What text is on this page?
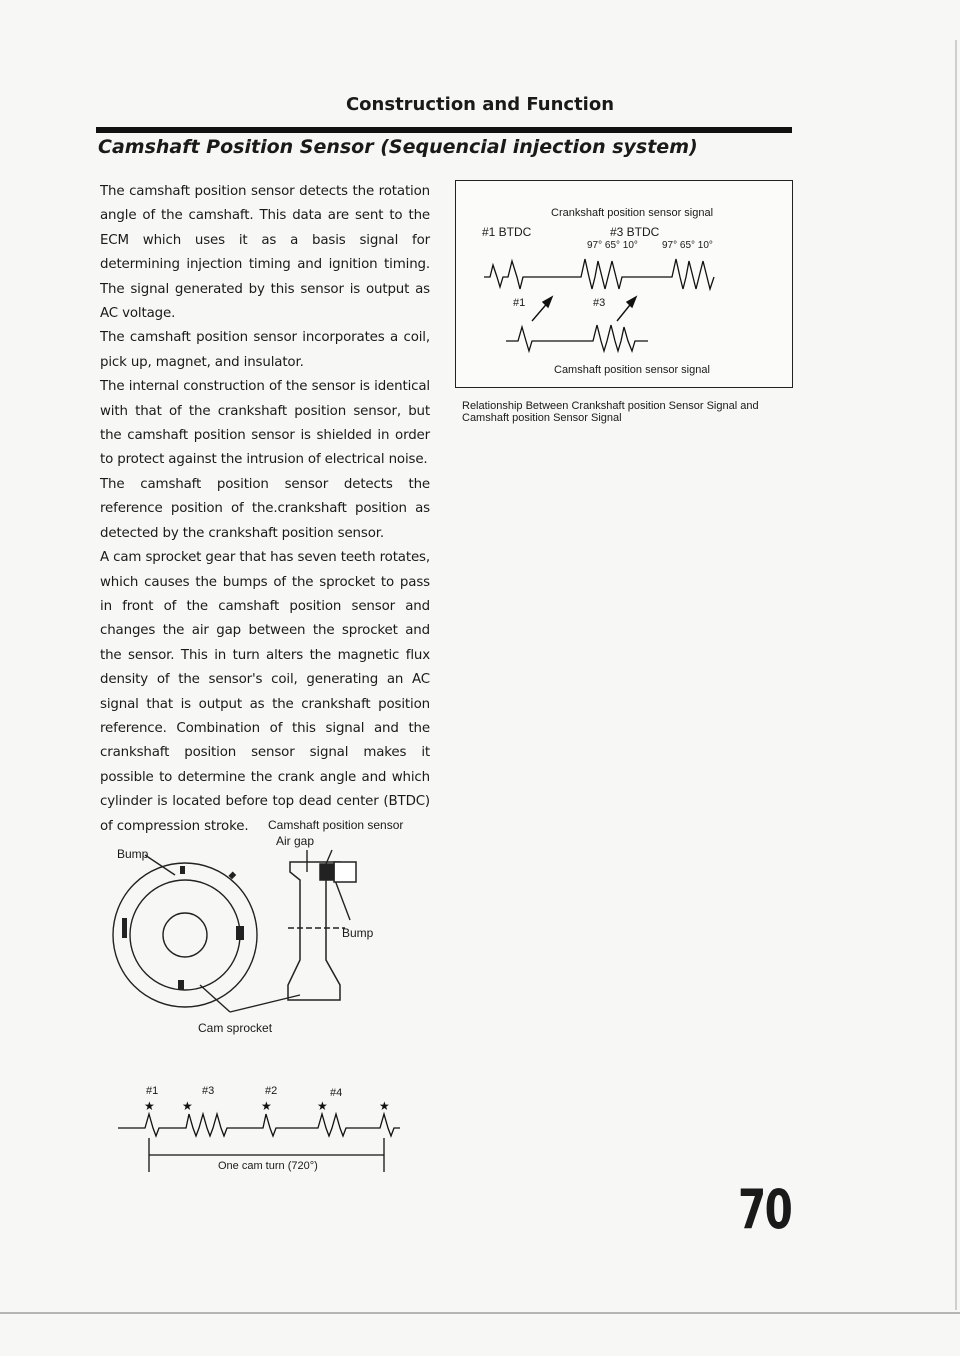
Construction and Function
Camshaft Position Sensor (Sequencial injection system)

The camshaft position sensor detects the rotation angle of the camshaft. This data are sent to the ECM which uses it as a basis signal for determining injection timing and ignition timing. The signal generated by this sensor is output as AC voltage.

The camshaft position sensor incorporates a coil, pick up, magnet, and insulator.

The internal construction of the sensor is identical with that of the crankshaft position sensor, but the camshaft position sensor is shielded in order to protect against the intrusion of electrical noise.

The camshaft position sensor detects the reference position of the.crankshaft position as detected by the crankshaft position sensor.

A cam sprocket gear that has seven teeth rotates, which causes the bumps of the sprocket to pass in front of the camshaft position sensor and changes the air gap between the sprocket and the sensor. This in turn alters the magnetic flux density of the sensor's coil, generating an AC signal that is output as the crankshaft position reference. Combination of this signal and the crankshaft position sensor signal makes it possible to determine the crank angle and which cylinder is located before top dead center (BTDC) of compression stroke.

Crankshaft position sensor signal
#1 BTDC	#3 BTDC
97° 65° 10° 97° 65° 10°
#1	#3
Camshaft position sensor signal
Relationship Between Crankshaft position Sensor Signal and Camshaft position Sensor Signal
Camshaft position sensor
Air gap
Bump
Bump
Cam sprocket
#1	#3	#2	#4
One cam turn (720°)
★ ★	★	★	★
70
